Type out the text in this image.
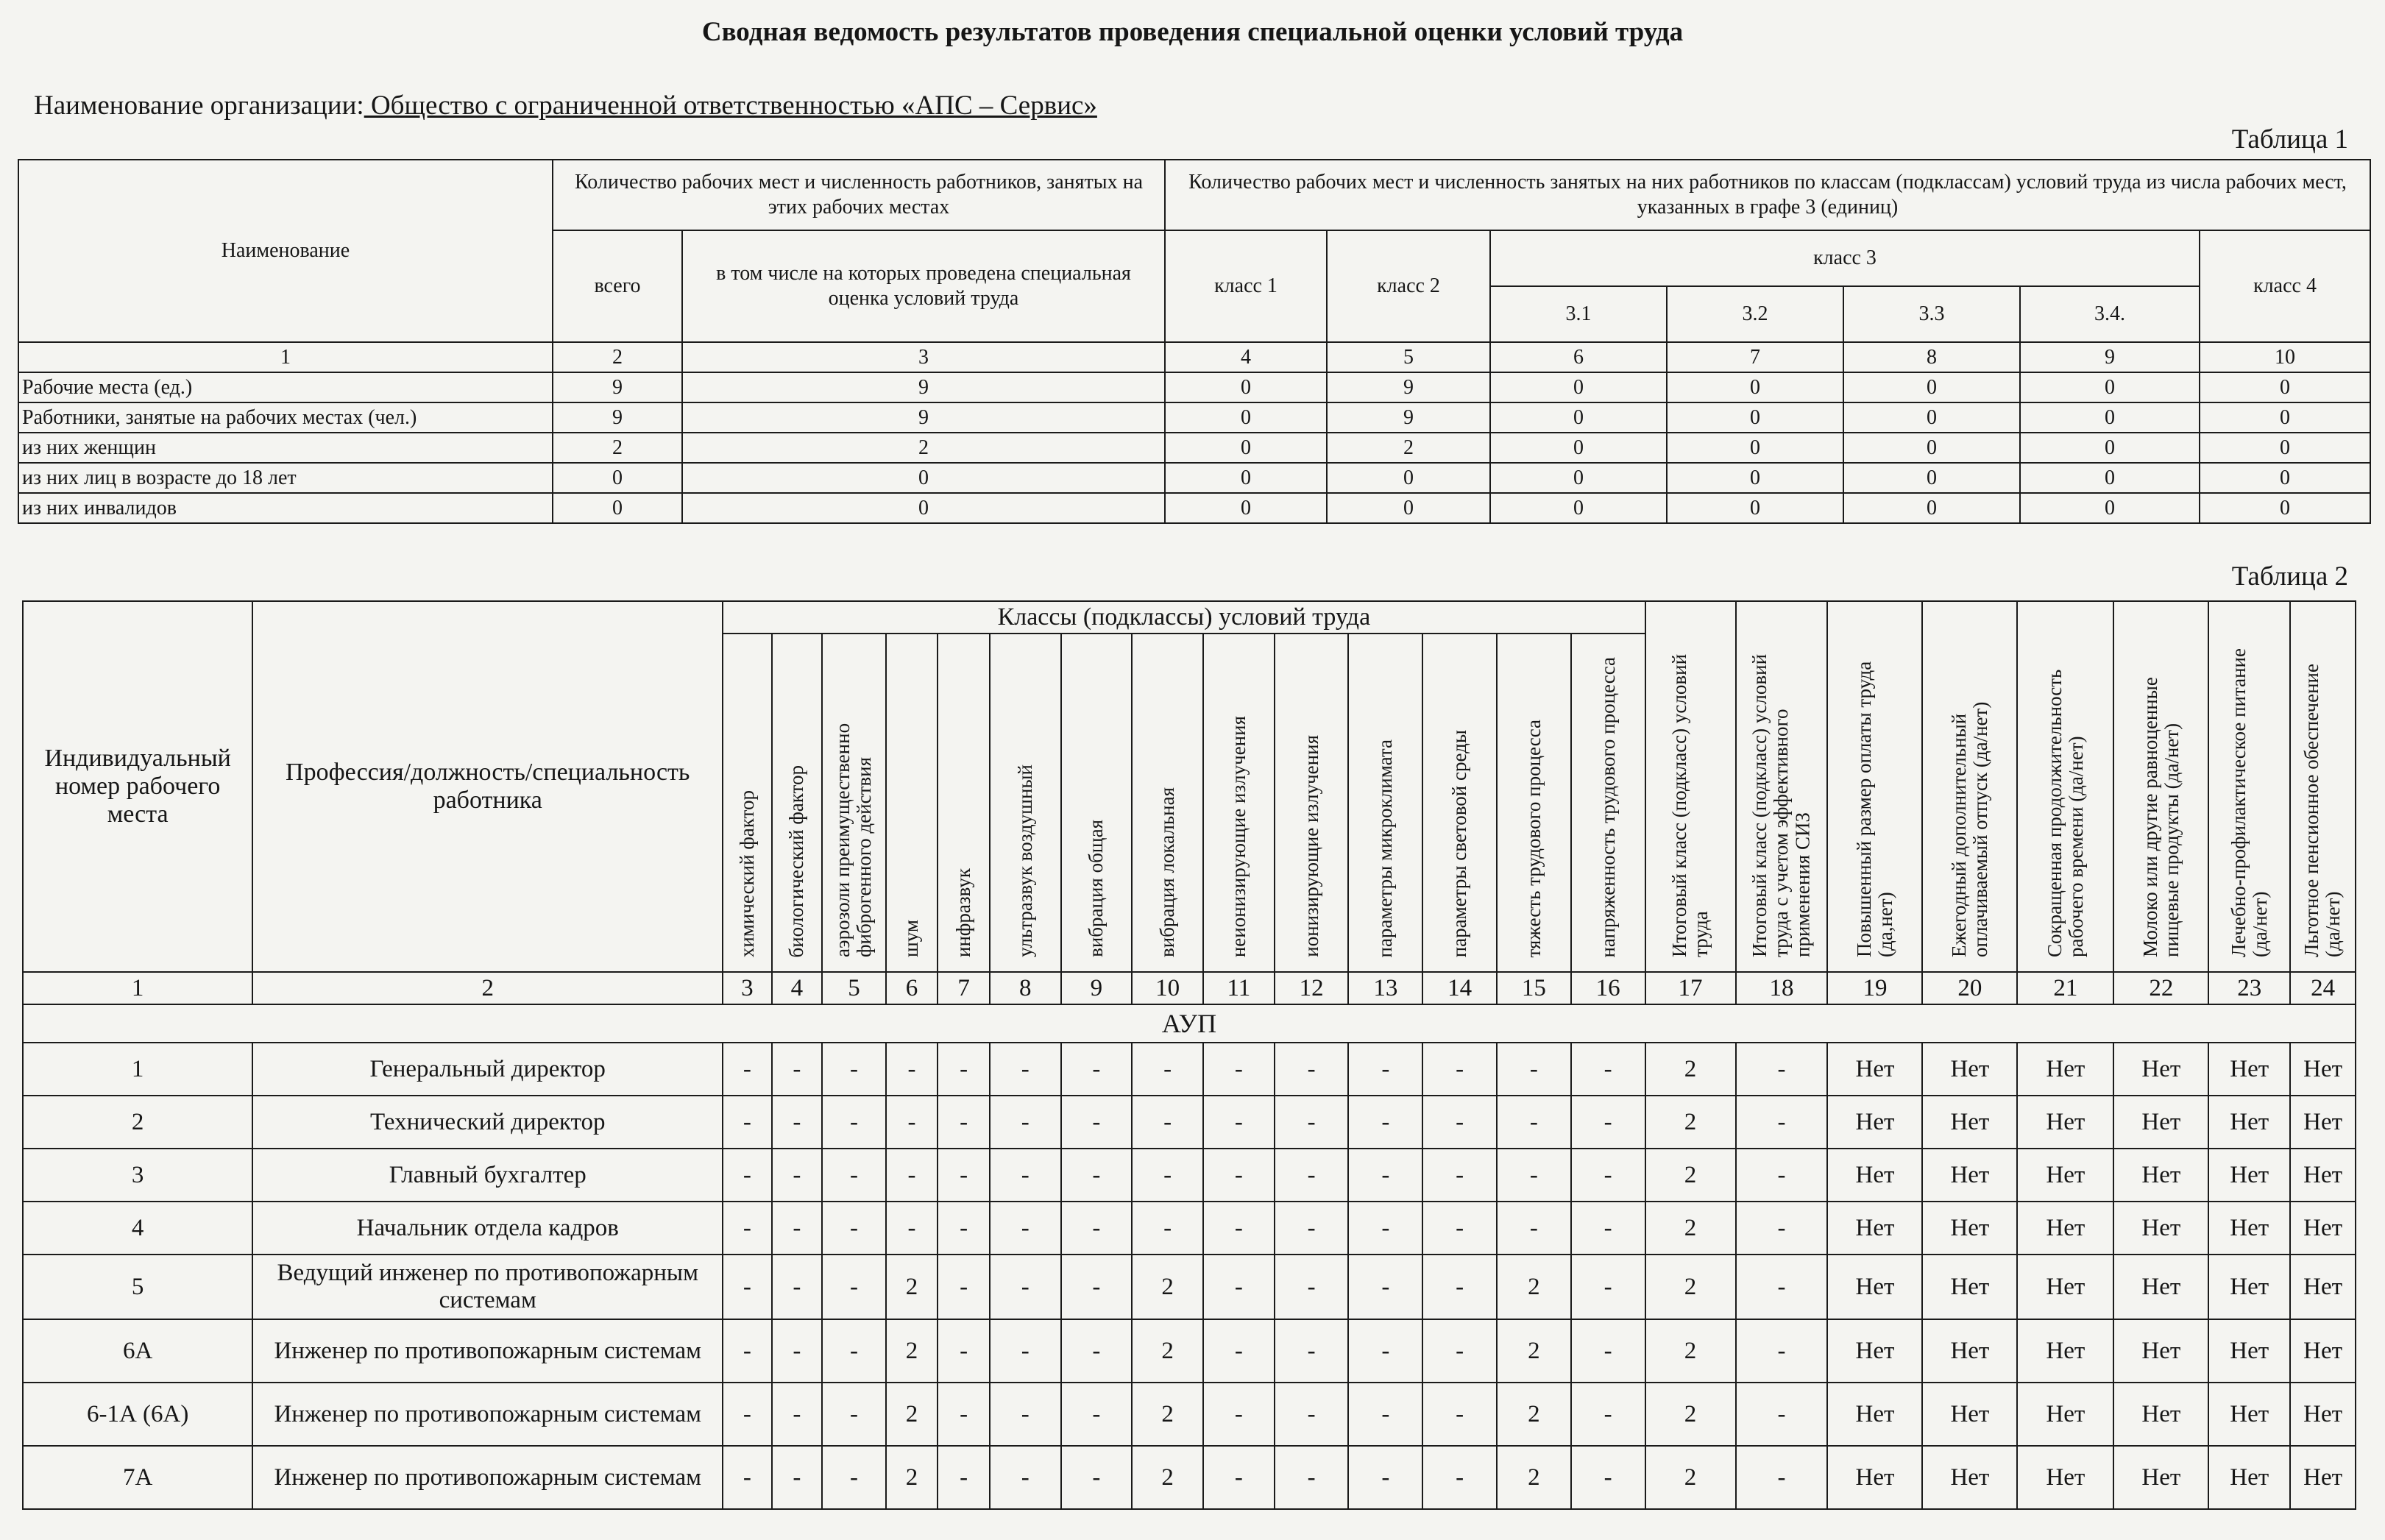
Сводная ведомость результатов проведения специальной оценки условий труда
Наименование организации: Общество с ограниченной ответственностью «АПС – Сервис»
Таблица 1
Наименование	Количество рабочих мест и численность работников, занятых на этих рабочих местах		Количество рабочих мест и численность занятых на них работников по классам (подклассам) условий труда из числа рабочих мест, указанных в графе 3 (единиц)						
	всего	в том числе на которых проведена специальная оценка условий труда	класс 1	класс 2	класс 3				класс 4
					3.1	3.2	3.3	3.4.	
1	2	3	4	5	6	7	8	9	10
Рабочие места (ед.)	9	9	0	9	0	0	0	0	0
Работники, занятые на рабочих местах (чел.)	9	9	0	9	0	0	0	0	0
из них женщин	2	2	0	2	0	0	0	0	0
из них лиц в возрасте до 18 лет	0	0	0	0	0	0	0	0	0
из них инвалидов	0	0	0	0	0	0	0	0	0
Таблица 2
Индивидуальный номер рабочего места	Профессия/должность/специальность работника	Классы (подклассы) условий труда														Итоговый класс (подкласс) условий труда	Итоговый класс (подкласс) условий труда с учетом эффективного применения СИЗ	Повышенный размер оплаты труда (да,нет)	Ежегодный дополнительный оплачиваемый отпуск (да/нет)	Сокращенная продолжительность рабочего времени (да/нет)	Молоко или другие равноценные пищевые продукты (да/нет)	Лечебно-профилактическое питание (да/нет)	Льготное пенсионное обеспечение (да/нет)
		химический фактор	биологический фактор	аэрозоли преимущественно фиброгенного действия	шум	инфразвук	ультразвук воздушный	вибрация общая	вибрация локальная	неионизирующие излучения	ионизирующие излучения	параметры микроклимата	параметры световой среды	тяжесть трудового процесса	напряженность трудового процесса								
1	2	3	4	5	6	7	8	9	10	11	12	13	14	15	16	17	18	19	20	21	22	23	24
АУП																							
1	Генеральный директор	-	-	-	-	-	-	-	-	-	-	-	-	-	-	2	-	Нет	Нет	Нет	Нет	Нет	Нет
2	Технический директор	-	-	-	-	-	-	-	-	-	-	-	-	-	-	2	-	Нет	Нет	Нет	Нет	Нет	Нет
3	Главный бухгалтер	-	-	-	-	-	-	-	-	-	-	-	-	-	-	2	-	Нет	Нет	Нет	Нет	Нет	Нет
4	Начальник отдела кадров	-	-	-	-	-	-	-	-	-	-	-	-	-	-	2	-	Нет	Нет	Нет	Нет	Нет	Нет
5	Ведущий инженер по противопожарным системам	-	-	-	2	-	-	-	2	-	-	-	-	2	-	2	-	Нет	Нет	Нет	Нет	Нет	Нет
6А	Инженер по противопожарным системам	-	-	-	2	-	-	-	2	-	-	-	-	2	-	2	-	Нет	Нет	Нет	Нет	Нет	Нет
6-1А (6А)	Инженер по противопожарным системам	-	-	-	2	-	-	-	2	-	-	-	-	2	-	2	-	Нет	Нет	Нет	Нет	Нет	Нет
7А	Инженер по противопожарным системам	-	-	-	2	-	-	-	2	-	-	-	-	2	-	2	-	Нет	Нет	Нет	Нет	Нет	Нет
